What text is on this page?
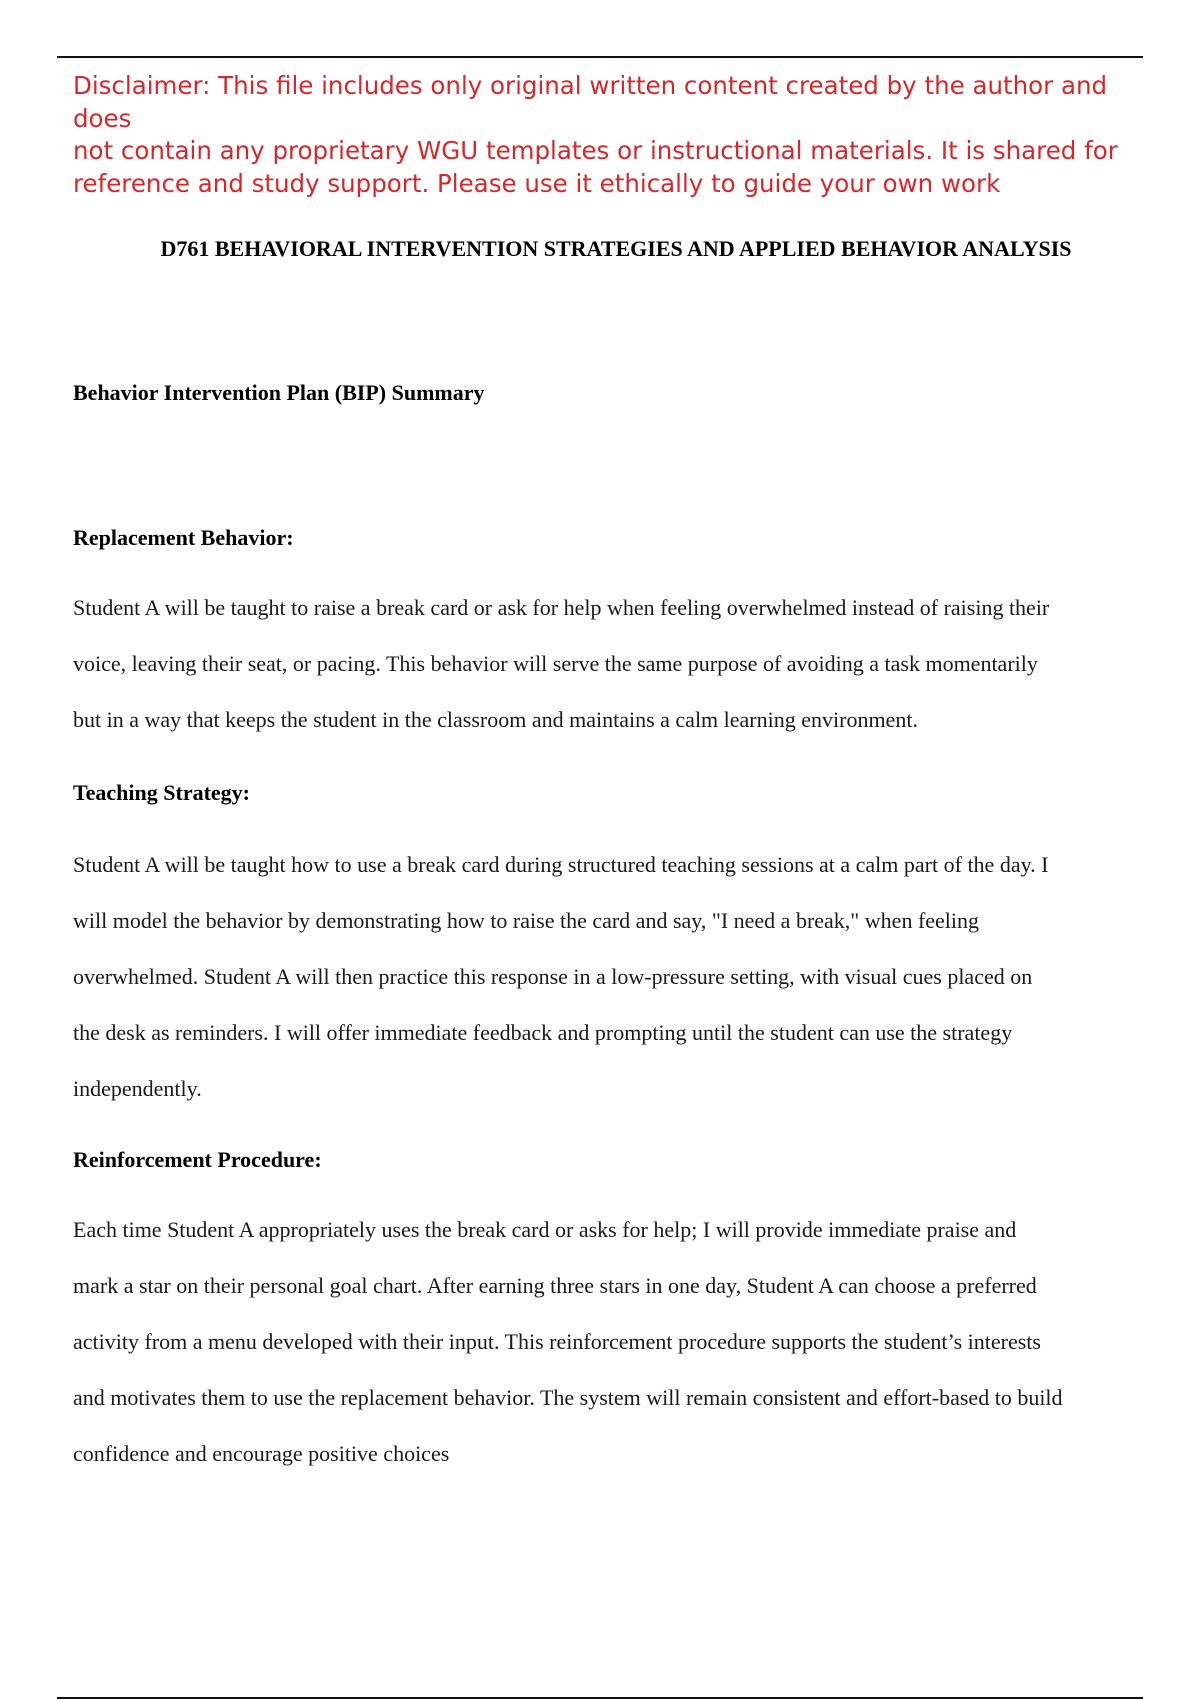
Disclaimer: This file includes only original written content created by the author and does
not contain any proprietary WGU templates or instructional materials. It is shared for
reference and study support. Please use it ethically to guide your own work

D761 BEHAVIORAL INTERVENTION STRATEGIES AND APPLIED BEHAVIOR ANALYSIS
Behavior Intervention Plan (BIP) Summary
Replacement Behavior:

Student A will be taught to raise a break card or ask for help when feeling overwhelmed instead of raising their
voice, leaving their seat, or pacing. This behavior will serve the same purpose of avoiding a task momentarily
but in a way that keeps the student in the classroom and maintains a calm learning environment.

Teaching Strategy:

Student A will be taught how to use a break card during structured teaching sessions at a calm part of the day. I
will model the behavior by demonstrating how to raise the card and say, "I need a break," when feeling
overwhelmed. Student A will then practice this response in a low-pressure setting, with visual cues placed on
the desk as reminders. I will offer immediate feedback and prompting until the student can use the strategy
independently.

Reinforcement Procedure:

Each time Student A appropriately uses the break card or asks for help; I will provide immediate praise and
mark a star on their personal goal chart. After earning three stars in one day, Student A can choose a preferred
activity from a menu developed with their input. This reinforcement procedure supports the student’s interests
and motivates them to use the replacement behavior. The system will remain consistent and effort-based to build
confidence and encourage positive choices
